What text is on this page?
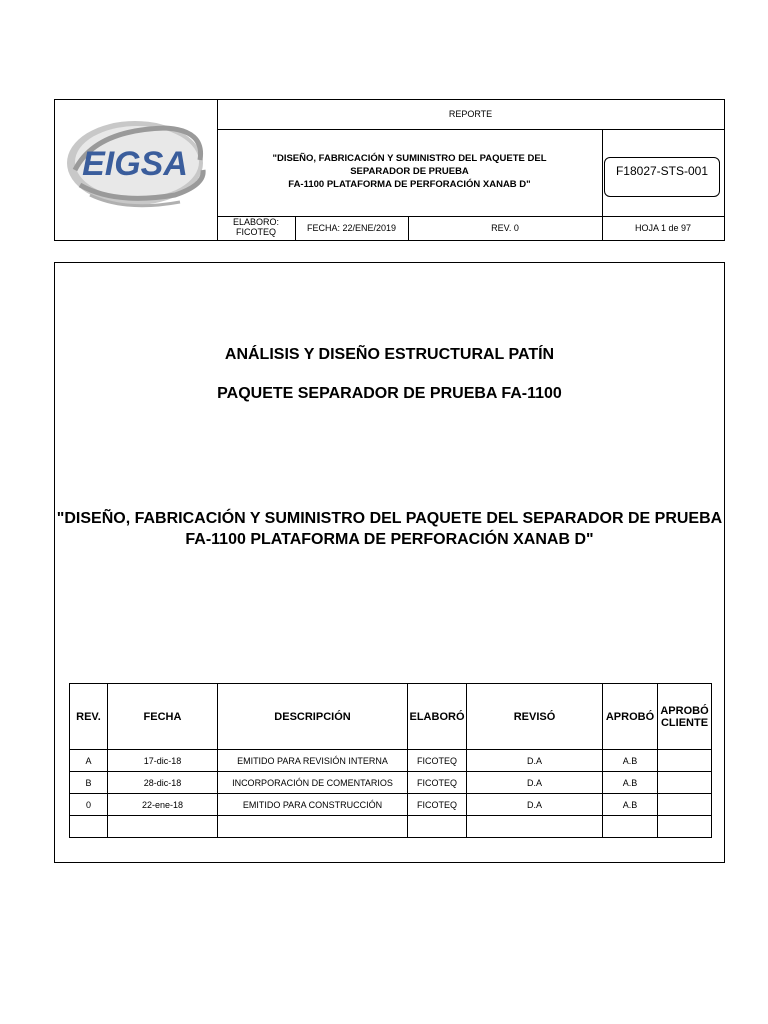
EIGSA
REPORTE
"DISEÑO, FABRICACIÓN Y SUMINISTRO DEL PAQUETE DEL
SEPARADOR DE PRUEBA
FA-1100 PLATAFORMA DE PERFORACIÓN XANAB D"
F18027-STS-001
ELABORO:
FICOTEQ	FECHA: 22/ENE/2019	REV. 0	HOJA 1 de 97
ANÁLISIS Y DISEÑO ESTRUCTURAL PATÍN
PAQUETE SEPARADOR DE PRUEBA FA-1100
"DISEÑO, FABRICACIÓN Y SUMINISTRO DEL PAQUETE DEL SEPARADOR DE PRUEBA
FA-1100 PLATAFORMA DE PERFORACIÓN XANAB D"
REV.	FECHA	DESCRIPCIÓN	ELABORÓ	REVISÓ	APROBÓ	APROBÓ CLIENTE
A	17-dic-18	EMITIDO PARA REVISIÓN INTERNA	FICOTEQ	D.A	A.B	
B	28-dic-18	INCORPORACIÓN DE COMENTARIOS	FICOTEQ	D.A	A.B	
0	22-ene-18	EMITIDO PARA CONSTRUCCIÓN	FICOTEQ	D.A	A.B	
